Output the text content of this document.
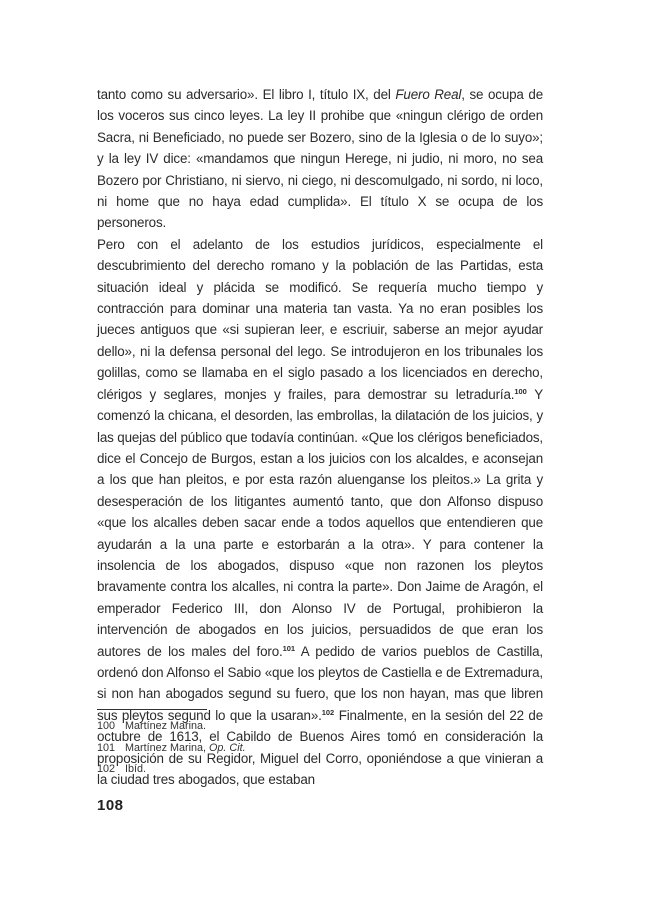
tanto como su adversario». El libro I, título IX, del Fuero Real, se ocupa de los voceros sus cinco leyes. La ley II prohibe que «ningun clérigo de orden Sacra, ni Beneficiado, no puede ser Bozero, sino de la Iglesia o de lo suyo»; y la ley IV dice: «mandamos que ningun Herege, ni judio, ni moro, no sea Bozero por Christiano, ni siervo, ni ciego, ni descomulgado, ni sordo, ni loco, ni home que no haya edad cumplida». El título X se ocupa de los personeros.

Pero con el adelanto de los estudios jurídicos, especialmente el descubrimiento del derecho romano y la población de las Partidas, esta situación ideal y plácida se modificó. Se requería mucho tiempo y contracción para dominar una materia tan vasta. Ya no eran posibles los jueces antiguos que «si supieran leer, e escriuir, saberse an mejor ayudar dello», ni la defensa personal del lego. Se introdujeron en los tribunales los golillas, como se llamaba en el siglo pasado a los licenciados en derecho, clérigos y seglares, monjes y frailes, para demostrar su letraduría.$^{100}$ Y comenzó la chicana, el desorden, las embrollas, la dilatación de los juicios, y las quejas del público que todavía continúan. «Que los clérigos beneficiados, dice el Concejo de Burgos, estan a los juicios con los alcaldes, e aconsejan a los que han pleitos, e por esta razón aluenganse los pleitos.» La grita y desesperación de los litigantes aumentó tanto, que don Alfonso dispuso «que los alcalles deben sacar ende a todos aquellos que entendieren que ayudarán a la una parte e estorbarán a la otra». Y para contener la insolencia de los abogados, dispuso «que non razonen los pleytos bravamente contra los alcalles, ni contra la parte». Don Jaime de Aragón, el emperador Federico III, don Alonso IV de Portugal, prohibieron la intervención de abogados en los juicios, persuadidos de que eran los autores de los males del foro.$^{101}$ A pedido de varios pueblos de Castilla, ordenó don Alfonso el Sabio «que los pleytos de Castiella e de Extremadura, si non han abogados segund su fuero, que los non hayan, mas que libren sus pleytos segund lo que la usaran».$^{102}$ Finalmente, en la sesión del 22 de octubre de 1613, el Cabildo de Buenos Aires tomó en consideración la proposición de su Regidor, Miguel del Corro, oponiéndose a que vinieran a la ciudad tres abogados, que estaban

100 Martínez Marina.
101 Martínez Marina, Op. Cit.
102 Ibíd.
108
